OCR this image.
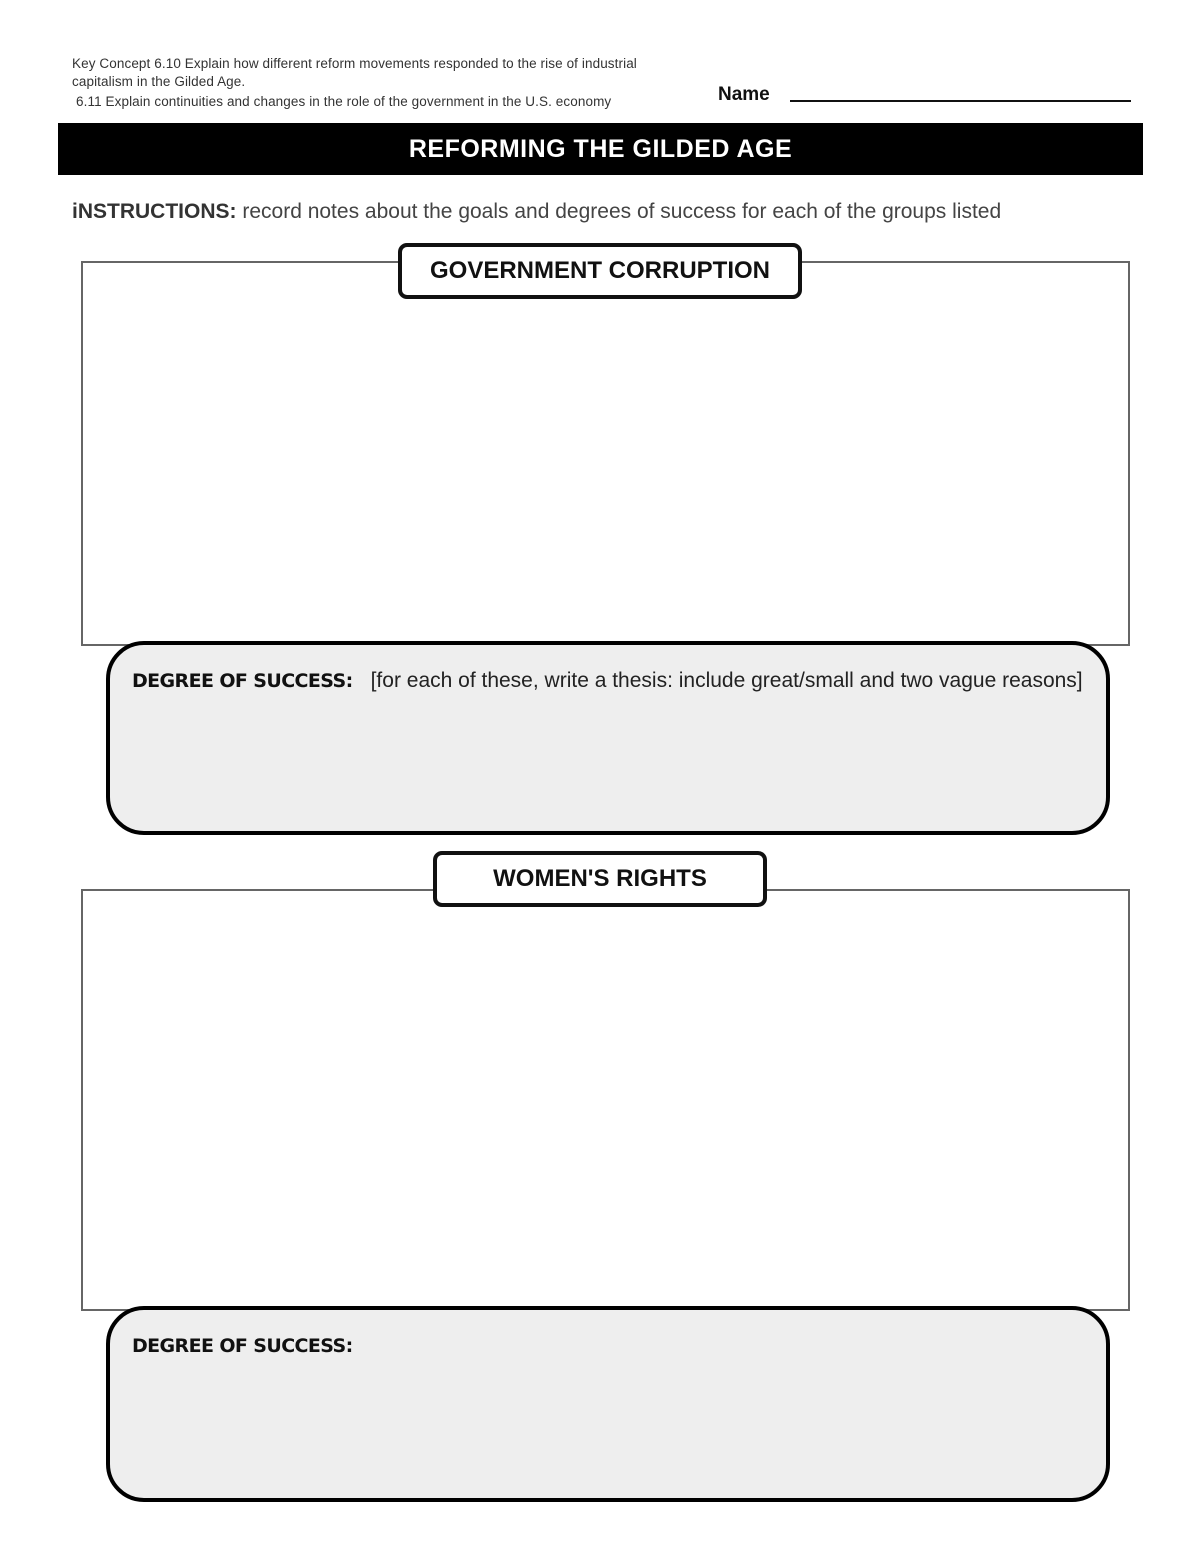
Key Concept 6.10 Explain how different reform movements responded to the rise of industrial
capitalism in the Gilded Age.
6.11 Explain continuities and changes in the role of the government in the U.S. economy	Name
REFORMING THE GILDED AGE
iNSTRUCTIONS: record notes about the goals and degrees of success for each of the groups listed
GOVERNMENT CORRUPTION
DEGREE OF SUCCESS: [for each of these, write a thesis: include great/small and two vague reasons]
WOMEN'S RIGHTS
DEGREE OF SUCCESS:
